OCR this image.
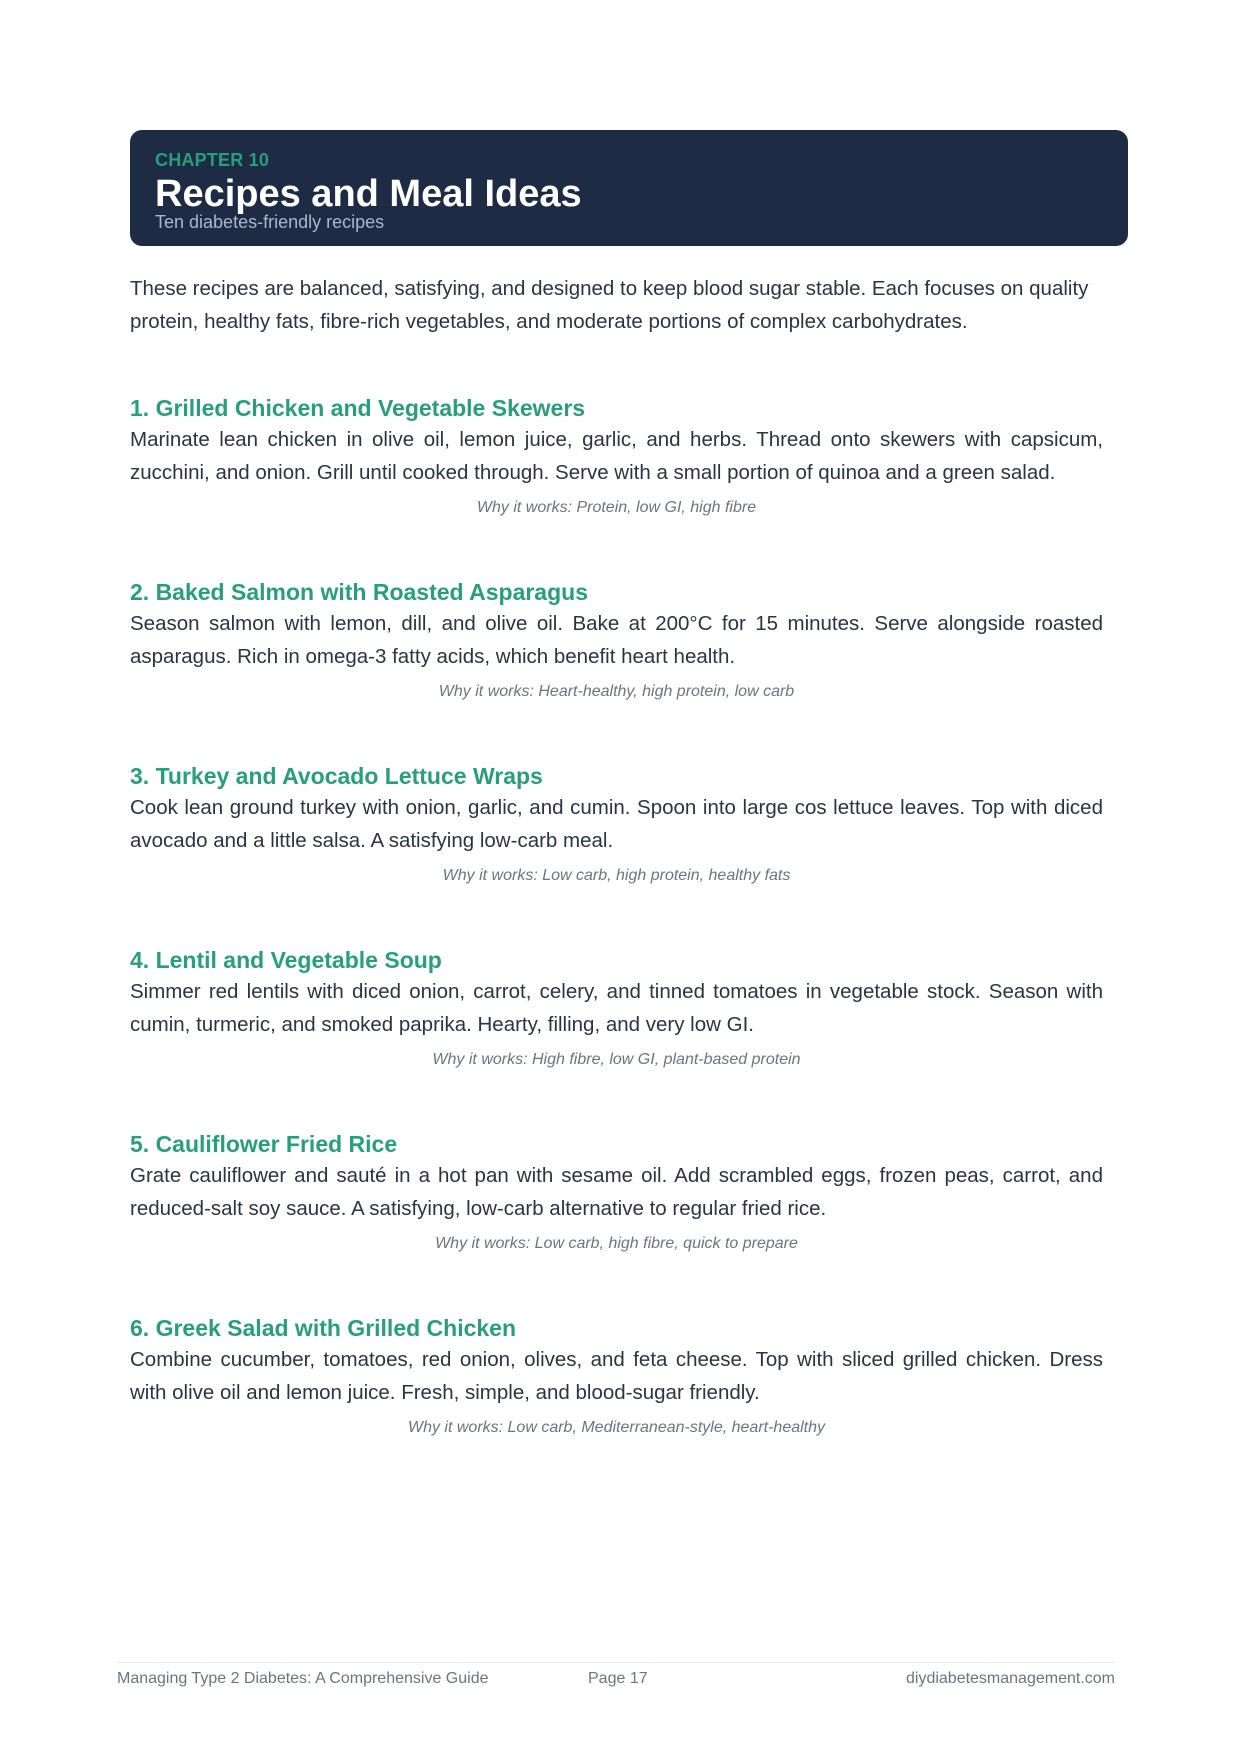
CHAPTER 10
Recipes and Meal Ideas
Ten diabetes-friendly recipes

These recipes are balanced, satisfying, and designed to keep blood sugar stable. Each focuses on quality protein, healthy fats, fibre-rich vegetables, and moderate portions of complex carbohydrates.

1. Grilled Chicken and Vegetable Skewers
Marinate lean chicken in olive oil, lemon juice, garlic, and herbs. Thread onto skewers with capsicum, zucchini, and onion. Grill until cooked through. Serve with a small portion of quinoa and a green salad.
Why it works: Protein, low GI, high fibre
2. Baked Salmon with Roasted Asparagus
Season salmon with lemon, dill, and olive oil. Bake at 200°C for 15 minutes. Serve alongside roasted asparagus. Rich in omega-3 fatty acids, which benefit heart health.
Why it works: Heart-healthy, high protein, low carb
3. Turkey and Avocado Lettuce Wraps
Cook lean ground turkey with onion, garlic, and cumin. Spoon into large cos lettuce leaves. Top with diced avocado and a little salsa. A satisfying low-carb meal.
Why it works: Low carb, high protein, healthy fats
4. Lentil and Vegetable Soup
Simmer red lentils with diced onion, carrot, celery, and tinned tomatoes in vegetable stock. Season with cumin, turmeric, and smoked paprika. Hearty, filling, and very low GI.
Why it works: High fibre, low GI, plant-based protein
5. Cauliflower Fried Rice
Grate cauliflower and sauté in a hot pan with sesame oil. Add scrambled eggs, frozen peas, carrot, and reduced-salt soy sauce. A satisfying, low-carb alternative to regular fried rice.
Why it works: Low carb, high fibre, quick to prepare
6. Greek Salad with Grilled Chicken
Combine cucumber, tomatoes, red onion, olives, and feta cheese. Top with sliced grilled chicken. Dress with olive oil and lemon juice. Fresh, simple, and blood-sugar friendly.
Why it works: Low carb, Mediterranean-style, heart-healthy
Managing Type 2 Diabetes: A Comprehensive Guide	Page 17	diydiabetesmanagement.com
